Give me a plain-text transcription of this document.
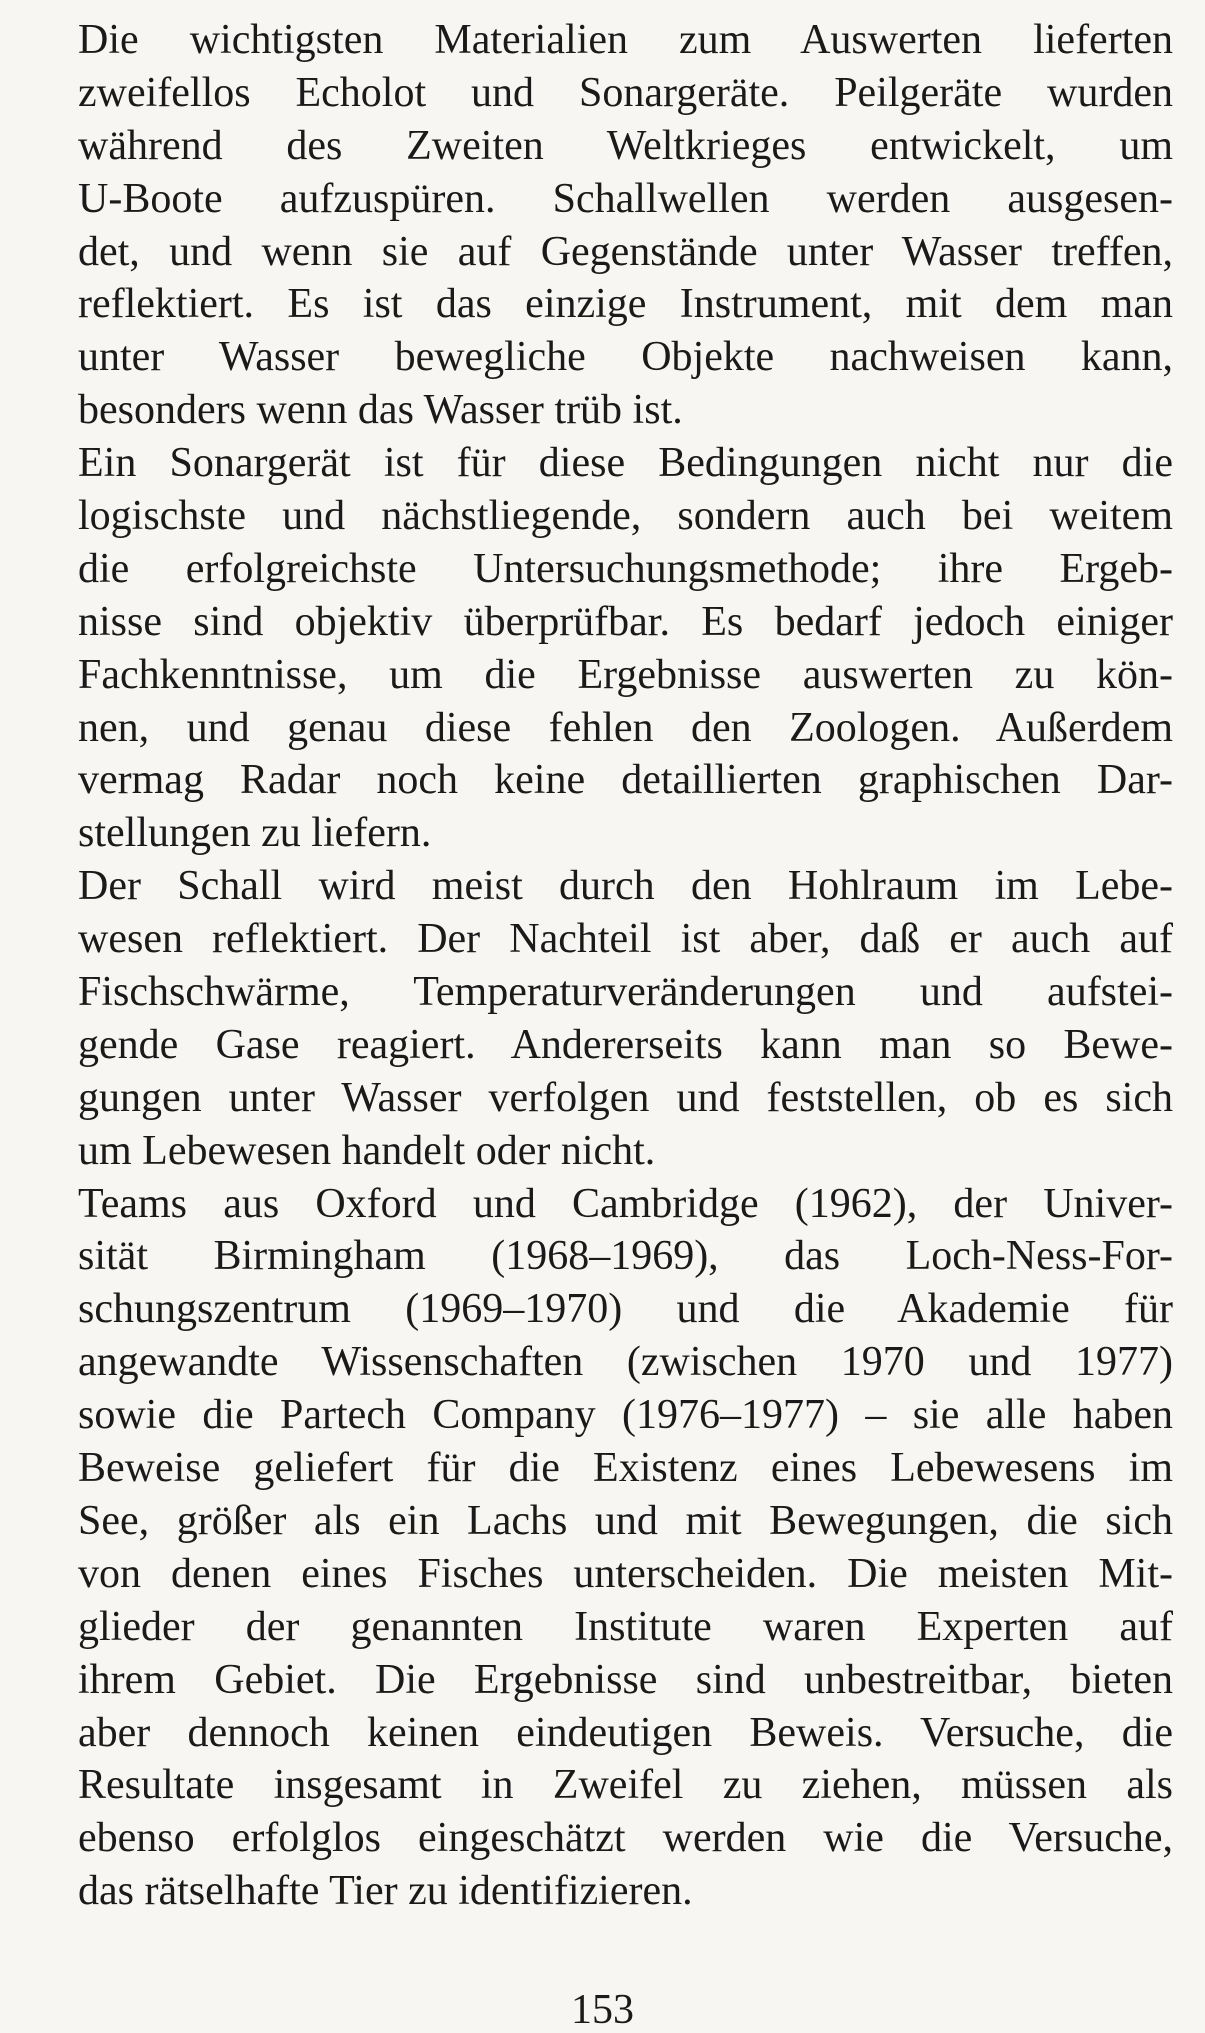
Die wichtigsten Materialien zum Auswerten lieferten
zweifellos Echolot und Sonargeräte. Peilgeräte wurden
während des Zweiten Weltkrieges entwickelt, um
U-Boote aufzuspüren. Schallwellen werden ausgesen-
det, und wenn sie auf Gegenstände unter Wasser treffen,
reflektiert. Es ist das einzige Instrument, mit dem man
unter Wasser bewegliche Objekte nachweisen kann,
besonders wenn das Wasser trüb ist.
Ein Sonargerät ist für diese Bedingungen nicht nur die
logischste und nächstliegende, sondern auch bei weitem
die erfolgreichste Untersuchungsmethode; ihre Ergeb-
nisse sind objektiv überprüfbar. Es bedarf jedoch einiger
Fachkenntnisse, um die Ergebnisse auswerten zu kön-
nen, und genau diese fehlen den Zoologen. Außerdem
vermag Radar noch keine detaillierten graphischen Dar-
stellungen zu liefern.
Der Schall wird meist durch den Hohlraum im Lebe-
wesen reflektiert. Der Nachteil ist aber, daß er auch auf
Fischschwärme, Temperaturveränderungen und aufstei-
gende Gase reagiert. Andererseits kann man so Bewe-
gungen unter Wasser verfolgen und feststellen, ob es sich
um Lebewesen handelt oder nicht.
Teams aus Oxford und Cambridge (1962), der Univer-
sität Birmingham (1968–1969), das Loch-Ness-For-
schungszentrum (1969–1970) und die Akademie für
angewandte Wissenschaften (zwischen 1970 und 1977)
sowie die Partech Company (1976–1977) – sie alle haben
Beweise geliefert für die Existenz eines Lebewesens im
See, größer als ein Lachs und mit Bewegungen, die sich
von denen eines Fisches unterscheiden. Die meisten Mit-
glieder der genannten Institute waren Experten auf
ihrem Gebiet. Die Ergebnisse sind unbestreitbar, bieten
aber dennoch keinen eindeutigen Beweis. Versuche, die
Resultate insgesamt in Zweifel zu ziehen, müssen als
ebenso erfolglos eingeschätzt werden wie die Versuche,
das rätselhafte Tier zu identifizieren.
153
